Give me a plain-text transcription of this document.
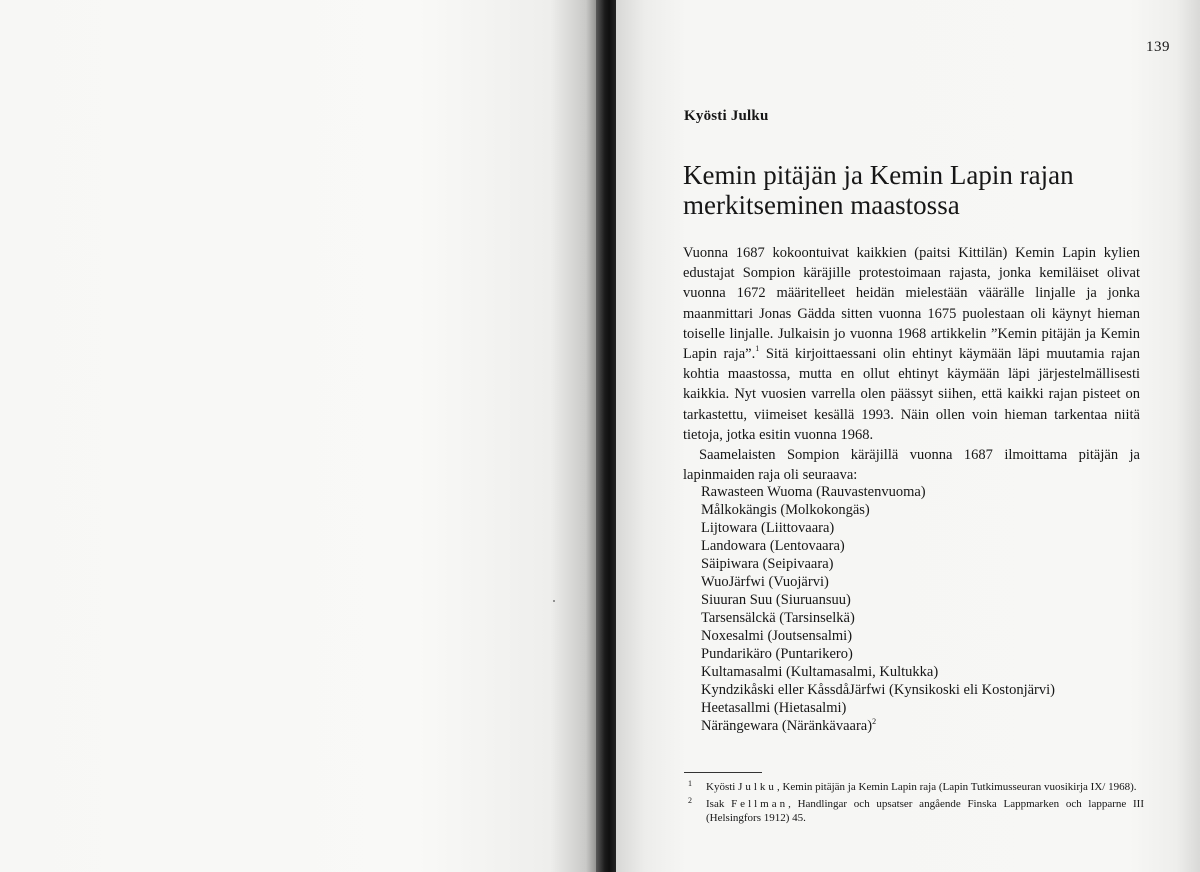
139
Kyösti Julku
Kemin pitäjän ja Kemin Lapin rajan
merkitseminen maastossa

Vuonna 1687 kokoontuivat kaikkien (paitsi Kittilän) Kemin Lapin kylien edustajat Sompion käräjille protestoimaan rajasta, jonka kemiläiset olivat vuonna 1672 määritelleet heidän mielestään väärälle linjalle ja jonka maanmittari Jonas Gädda sitten vuonna 1675 puolestaan oli käynyt hieman toiselle linjalle. Julkaisin jo vuonna 1968 artikkelin ”Kemin pitäjän ja Kemin Lapin raja”.$^1$ Sitä kirjoittaessani olin ehtinyt käymään läpi muutamia rajan kohtia maastossa, mutta en ollut ehtinyt käymään läpi järjestelmällisesti kaikkia. Nyt vuosien varrella olen päässyt siihen, että kaikki rajan pisteet on tarkastettu, viimeiset kesällä 1993. Näin ollen voin hieman tarkentaa niitä tietoja, jotka esitin vuonna 1968.

Saamelaisten Sompion käräjillä vuonna 1687 ilmoittama pitäjän ja lapinmaiden raja oli seuraava:

Rawasteen Wuoma (Rauvastenvuoma)
Målkokängis (Molkokongäs)
Lijtowara (Liittovaara)
Landowara (Lentovaara)
Säipiwara (Seipivaara)
WuoJärfwi (Vuojärvi)
Siuuran Suu (Siuruansuu)
Tarsensälckä (Tarsinselkä)
Noxesalmi (Joutsensalmi)
Pundarikäro (Puntarikero)
Kultamasalmi (Kultamasalmi, Kultukka)
Kyndzikåski eller KåssdåJärfwi (Kynsikoski eli Kostonjärvi)
Heetasallmi (Hietasalmi)
Närängewara (Näränkävaara)$^2$
1 Kyösti Julku, Kemin pitäjän ja Kemin Lapin raja (Lapin Tutkimusseuran vuosikirja IX/ 1968).
2 Isak Fellman, Handlingar och upsatser angående Finska Lappmarken och lapparne III (Helsingfors 1912) 45.
